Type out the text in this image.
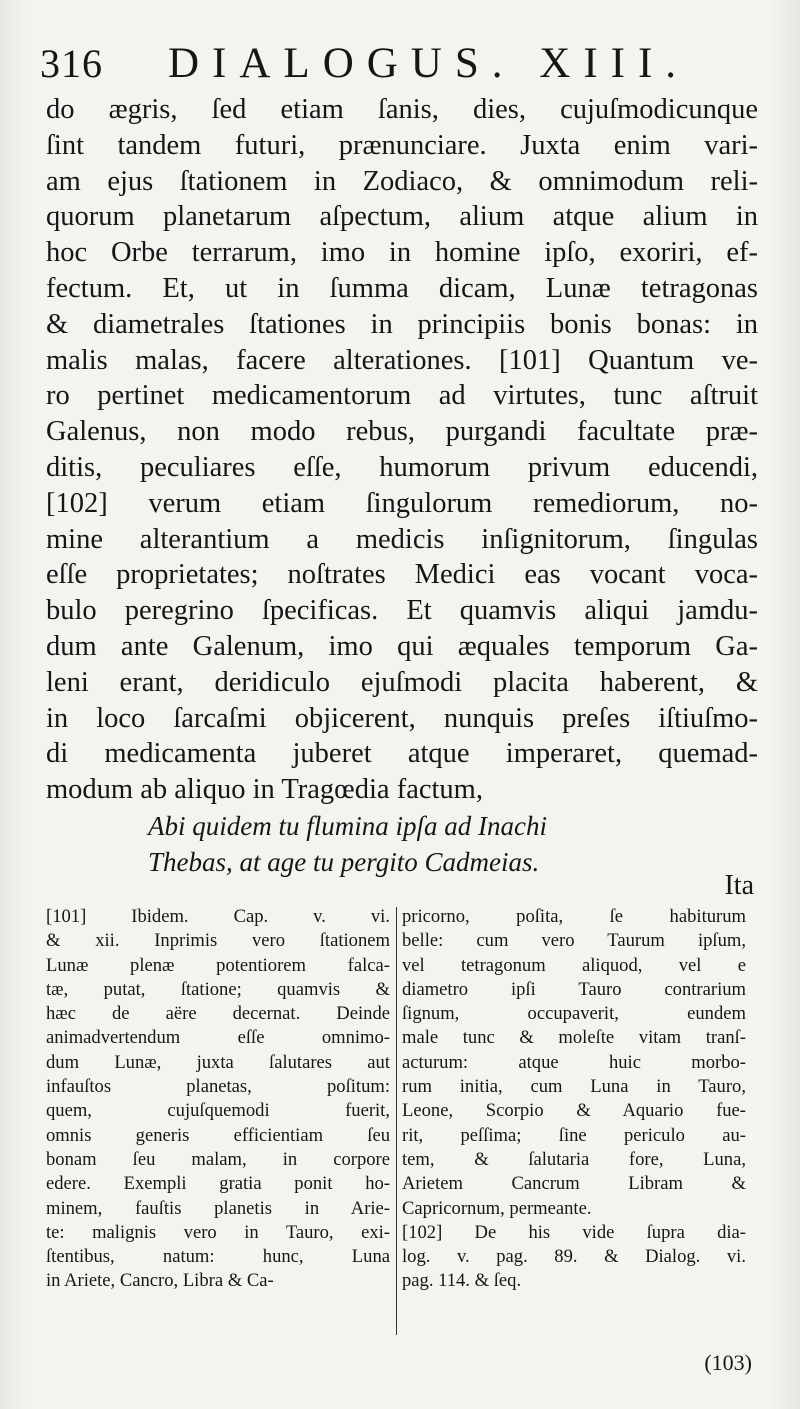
316 DIALOGUS. XIII.
do ægris, ſed etiam ſanis, dies, cujuſmodicunque
ſint tandem futuri, prænunciare. Juxta enim vari-
am ejus ſtationem in Zodiaco, & omnimodum reli-
quorum planetarum aſpectum, alium atque alium in
hoc Orbe terrarum, imo in homine ipſo, exoriri, ef-
fectum. Et, ut in ſumma dicam, Lunæ tetragonas
& diametrales ſtationes in principiis bonis bonas: in
malis malas, facere alterationes. [101] Quantum ve-
ro pertinet medicamentorum ad virtutes, tunc aſtruit
Galenus, non modo rebus, purgandi facultate præ-
ditis, peculiares eſſe, humorum privum educendi,
[102] verum etiam ſingulorum remediorum, no-
mine alterantium a medicis inſignitorum, ſingulas
eſſe proprietates; noſtrates Medici eas vocant voca-
bulo peregrino ſpecificas. Et quamvis aliqui jamdu-
dum ante Galenum, imo qui æquales temporum Ga-
leni erant, deridiculo ejuſmodi placita haberent, &
in loco ſarcaſmi objicerent, nunquis preſes iſtiuſmo-
di medicamenta juberet atque imperaret, quemad-
modum ab aliquo in Tragœdia factum,
Abi quidem tu flumina ipſa ad Inachi
Thebas, at age tu pergito Cadmeias.
Ita
[101] Ibidem. Cap. v. vi.
& xii. Inprimis vero ſtationem
Lunæ plenæ potentiorem falca-
tæ, putat, ſtatione; quamvis &
hæc de aëre decernat. Deinde
animadvertendum eſſe omnimo-
dum Lunæ, juxta ſalutares aut
infauſtos planetas, poſitum:
quem, cujuſquemodi fuerit,
omnis generis efficientiam ſeu
bonam ſeu malam, in corpore
edere. Exempli gratia ponit ho-
minem, fauſtis planetis in Arie-
te: malignis vero in Tauro, exi-
ſtentibus, natum: hunc, Luna
in Ariete, Cancro, Libra & Ca-
pricorno, poſita, ſe habiturum
belle: cum vero Taurum ipſum,
vel tetragonum aliquod, vel e
diametro ipſi Tauro contrarium
ſignum, occupaverit, eundem
male tunc & moleſte vitam tranſ-
acturum: atque huic morbo-
rum initia, cum Luna in Tauro,
Leone, Scorpio & Aquario fue-
rit, peſſima; ſine periculo au-
tem, & ſalutaria fore, Luna,
Arietem Cancrum Libram &
Capricornum, permeante.
[102] De his vide ſupra dia-
log. v. pag. 89. & Dialog. vi.
pag. 114. & ſeq.
(103)
